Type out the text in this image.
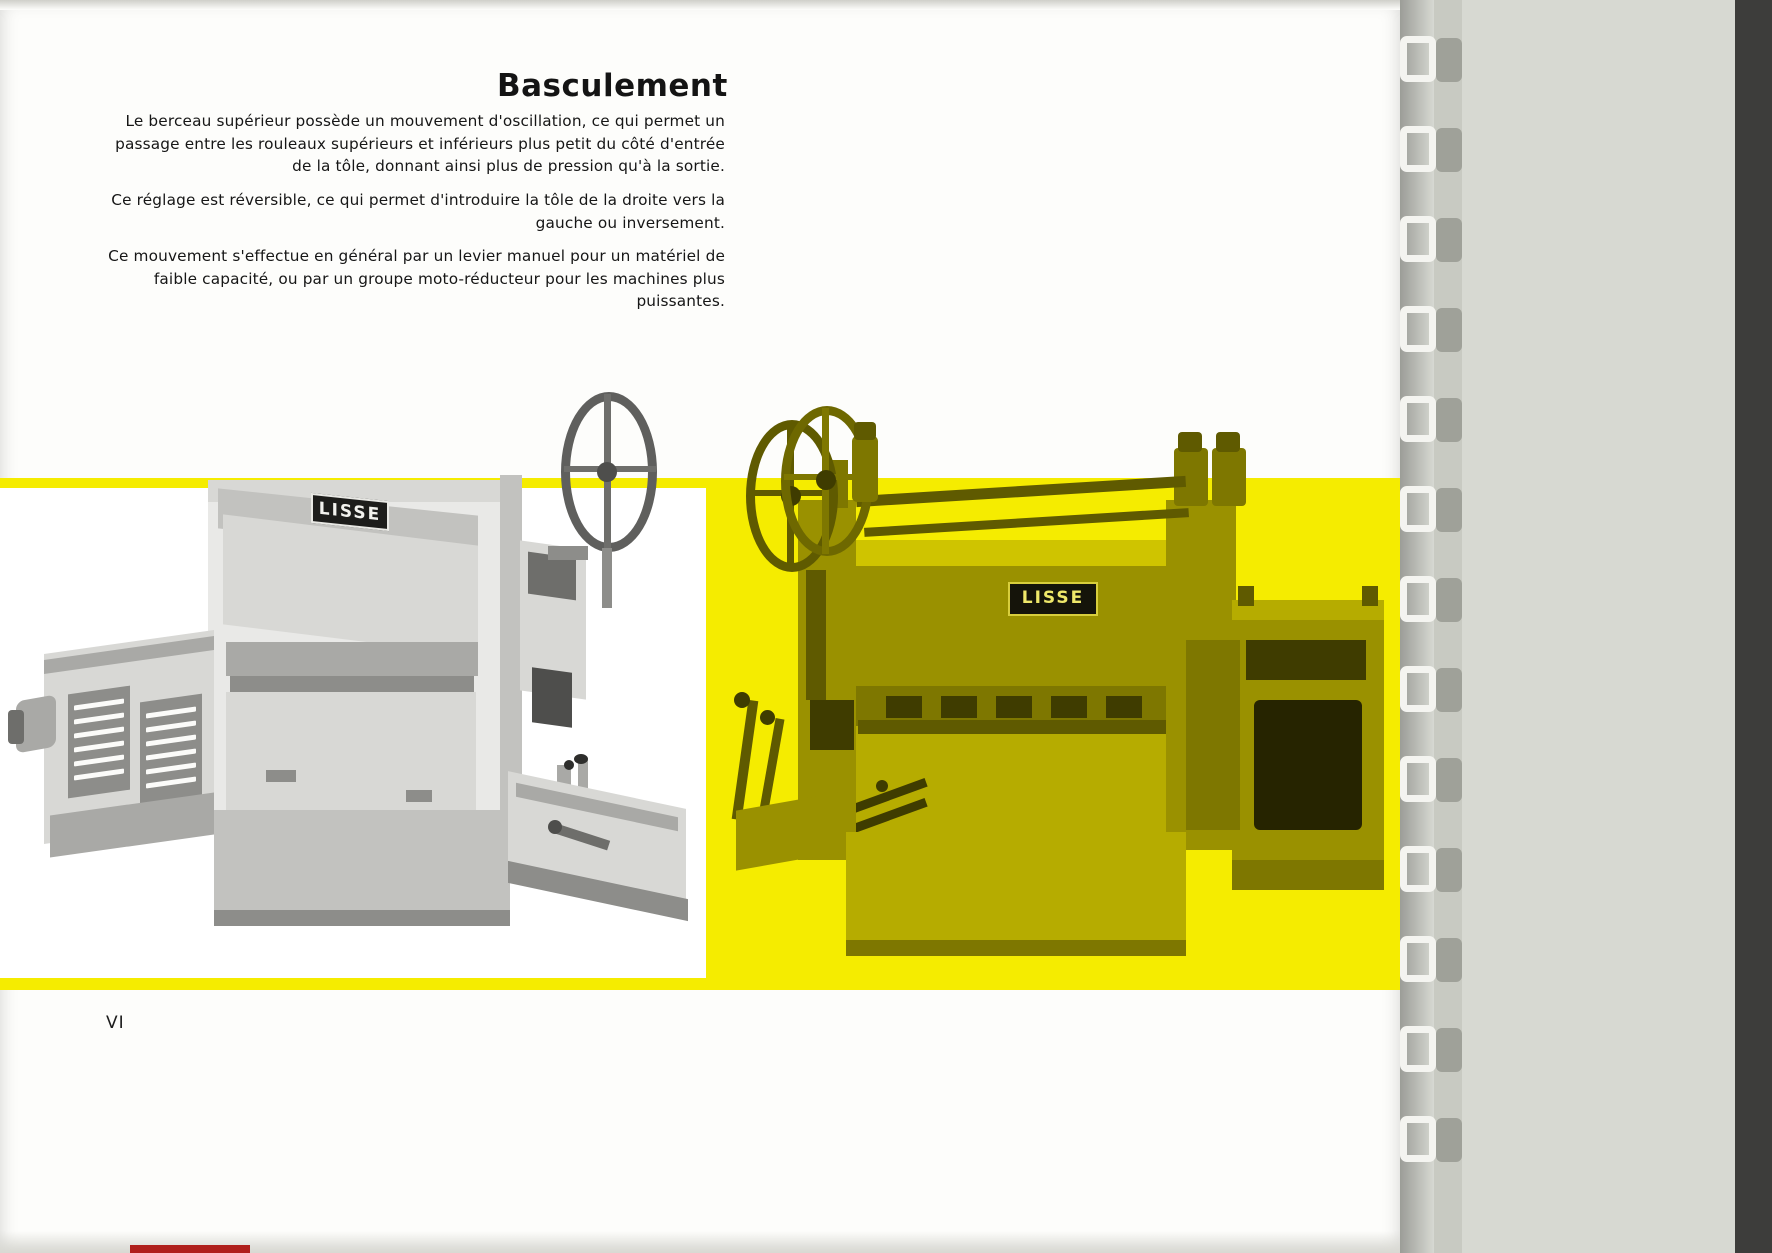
Basculement

Le berceau supérieur possède un mouvement d'oscillation, ce qui permet un passage entre les rouleaux supérieurs et inférieurs plus petit du côté d'entrée de la tôle, donnant ainsi plus de pression qu'à la sortie.

Ce réglage est réversible, ce qui permet d'introduire la tôle de la droite vers la gauche ou inversement.

Ce mouvement s'effectue en général par un levier manuel pour un matériel de faible capacité, ou par un groupe moto-réducteur pour les machines plus puissantes.

LISSE
LISSE
VI
